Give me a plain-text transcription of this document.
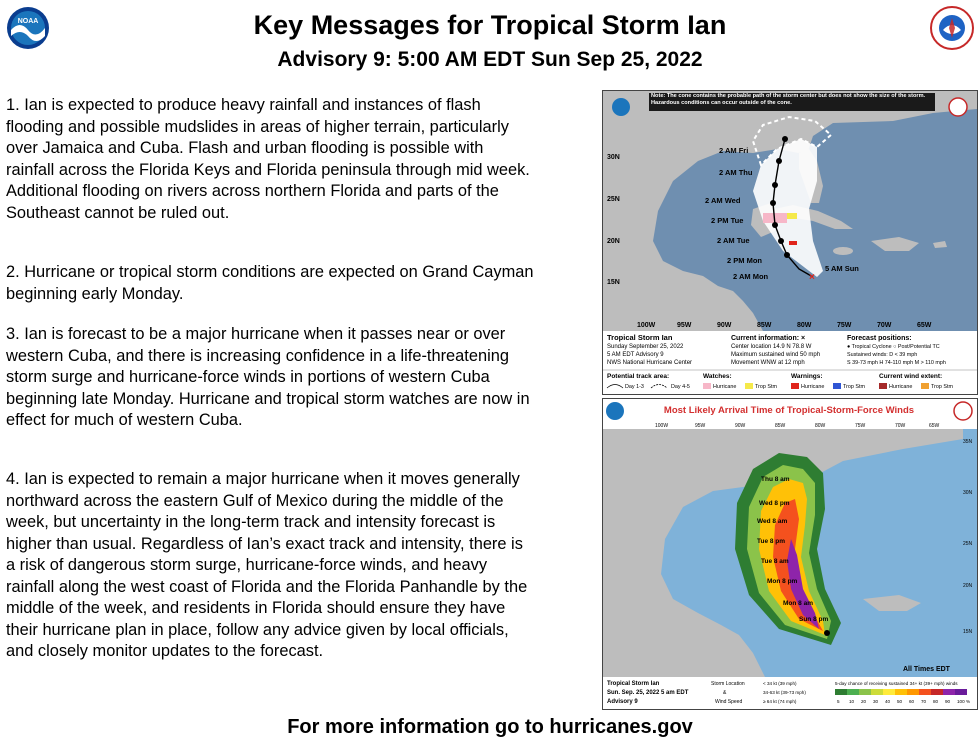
NOAA	Key Messages for Tropical Storm Ian
Advisory 9: 5:00 AM EDT Sun Sep 25, 2022
1. Ian is expected to produce heavy rainfall and instances of flash flooding and possible mudslides in areas of higher terrain, particularly over Jamaica and Cuba. Flash and urban flooding is possible with rainfall across the Florida Keys and Florida peninsula through mid week. Additional flooding on rivers across northern Florida and parts of the Southeast cannot be ruled out.
2. Hurricane or tropical storm conditions are expected on Grand Cayman beginning early Monday.
3. Ian is forecast to be a major hurricane when it passes near or over western Cuba, and there is increasing confidence in a life-threatening storm surge and hurricane-force winds in portions of western Cuba beginning late Monday. Hurricane and tropical storm watches are now in effect for much of western Cuba.
4. Ian is expected to remain a major hurricane when it moves generally northward across the eastern Gulf of Mexico during the middle of the week, but uncertainty in the long-term track and intensity forecast is higher than usual. Regardless of Ian’s exact track and intensity, there is a risk of dangerous storm surge, hurricane-force winds, and heavy rainfall along the west coast of Florida and the Florida Panhandle by the middle of the week, and residents in Florida should ensure they have their hurricane plan in place, follow any advice given by local officials, and closely monitor updates to the forecast.
For more information go to hurricanes.gov
×
2 AM Fri
2 AM Thu
2 AM Wed
2 PM Tue
2 AM Tue
2 PM Mon
2 AM Mon
5 AM Sun
Note: The cone contains the probable path of the storm center but does not show the size of the storm. Hazardous conditions can occur outside of the cone.
30N
25N
20N
15N
100W	95W	90W	85W	80W	75W	70W	65W
Tropical Storm Ian
Sunday September 25, 2022
5 AM EDT Advisory 9
NWS National Hurricane Center
Current information: ×
Center location 14.9 N 78.8 W
Maximum sustained wind 50 mph
Movement WNW at 12 mph
Forecast positions:
● Tropical Cyclone ○ Post/Potential TC
Sustained winds: D < 39 mph
S 39-73 mph H 74-110 mph M > 110 mph
Potential track area:
Day 1-3	Day 4-5
Watches:
Hurricane	Trop Stm
Warnings:
Hurricane	Trop Stm
Current wind extent:
Hurricane	Trop Stm
Most Likely Arrival Time of Tropical-Storm-Force Winds
100W	95W	90W	85W	80W	75W	70W	65W
35N
30N
25N
20N
15N
Thu 8 am
Wed 8 pm
Wed 8 am
Tue 8 pm
Tue 8 am
Mon 8 pm
Mon 8 am
Sun 8 pm
All Times EDT
Tropical Storm Ian
Sun. Sep. 25, 2022 5 am EDT
Advisory 9
Storm Location
&
Wind Speed
< 34 kt (39 mph)
34-63 kt (39-73 mph)
≥ 64 kt (74 mph)
5-day chance of receiving sustained 34+ kt (39+ mph) winds
5 10 20 30 40 50 60 70 80 90 100 %
